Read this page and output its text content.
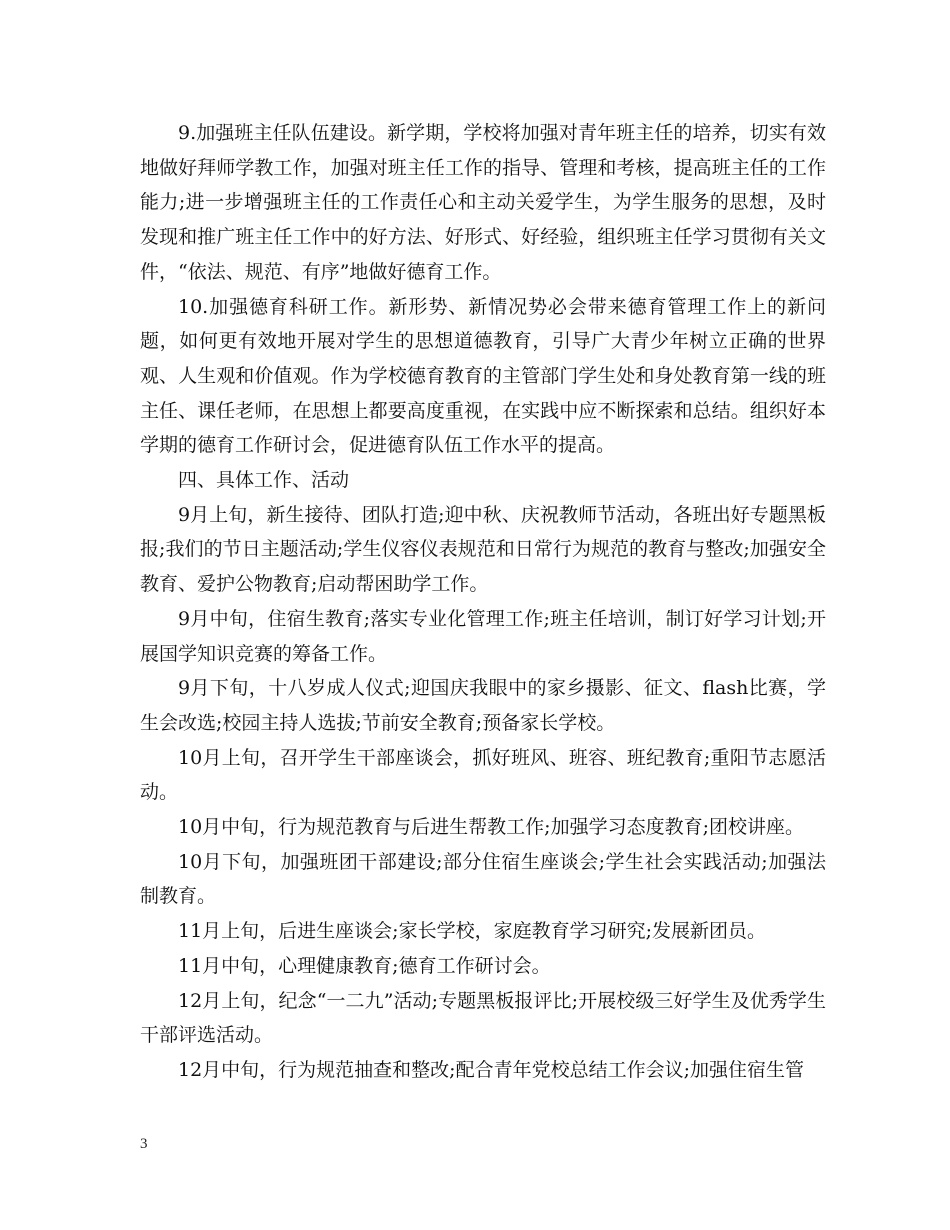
9.加强班主任队伍建设。新学期，学校将加强对青年班主任的培养，切实有效地做好拜师学教工作，加强对班主任工作的指导、管理和考核，提高班主任的工作能力;进一步增强班主任的工作责任心和主动关爱学生，为学生服务的思想，及时发现和推广班主任工作中的好方法、好形式、好经验，组织班主任学习贯彻有关文件，“依法、规范、有序”地做好德育工作。

10.加强德育科研工作。新形势、新情况势必会带来德育管理工作上的新问题，如何更有效地开展对学生的思想道德教育，引导广大青少年树立正确的世界观、人生观和价值观。作为学校德育教育的主管部门学生处和身处教育第一线的班主任、课任老师，在思想上都要高度重视，在实践中应不断探索和总结。组织好本学期的德育工作研讨会，促进德育队伍工作水平的提高。

四、具体工作、活动

9月上旬，新生接待、团队打造;迎中秋、庆祝教师节活动，各班出好专题黑板报;我们的节日主题活动;学生仪容仪表规范和日常行为规范的教育与整改;加强安全教育、爱护公物教育;启动帮困助学工作。

9月中旬，住宿生教育;落实专业化管理工作;班主任培训，制订好学习计划;开展国学知识竞赛的筹备工作。

9月下旬，十八岁成人仪式;迎国庆我眼中的家乡摄影、征文、flash比赛，学生会改选;校园主持人选拔;节前安全教育;预备家长学校。

10月上旬，召开学生干部座谈会，抓好班风、班容、班纪教育;重阳节志愿活动。

10月中旬，行为规范教育与后进生帮教工作;加强学习态度教育;团校讲座。

10月下旬，加强班团干部建设;部分住宿生座谈会;学生社会实践活动;加强法制教育。

11月上旬，后进生座谈会;家长学校，家庭教育学习研究;发展新团员。

11月中旬，心理健康教育;德育工作研讨会。

12月上旬，纪念“一二九”活动;专题黑板报评比;开展校级三好学生及优秀学生干部评选活动。

12月中旬，行为规范抽查和整改;配合青年党校总结工作会议;加强住宿生管

3
